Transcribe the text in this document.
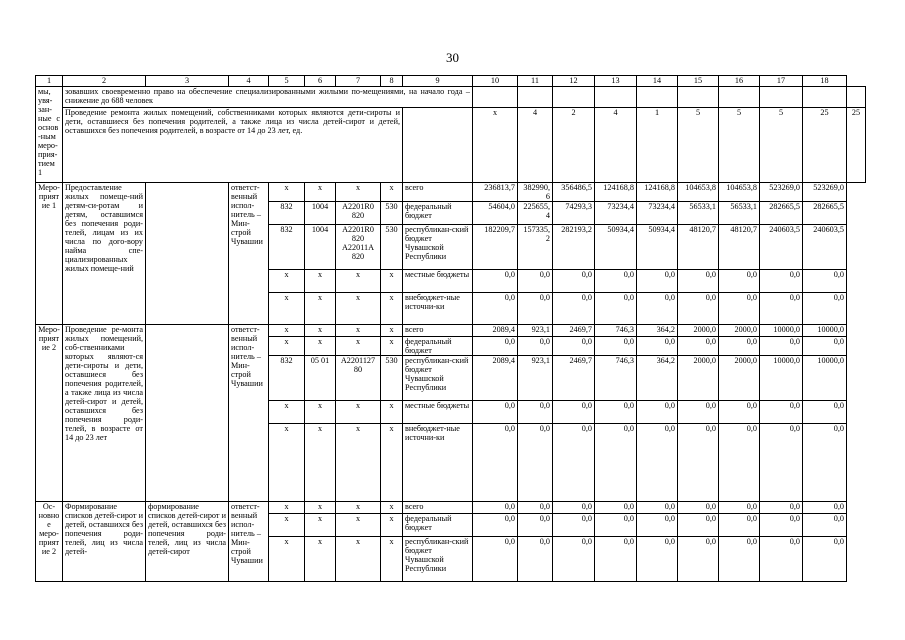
30
1	2	3	4	5	6	7	8	9	10	11	12	13	14	15	16	17	18	
мы, увя-зан-ные с основ-ным меро-прия-тием 1	зовавших своевременно право на обеспечение специализированными жилыми по-мещениями, на начало года – снижение до 688 человек																	
	Проведение ремонта жилых помещений, собственниками которых являются дети-сироты и дети, оставшиеся без попечения родителей, а также лица из числа детей-сирот и детей, оставшихся без попечения родителей, в возрасте от 14 до 23 лет, ед.								x	4	2	4	1	5	5	5	25	25
Меро-приятие 1	Предоставление жилых помеще-ний детям-си-ротам и детям, оставшимся без попечения роди-телей, лицам из их числа по дого-вору найма спе-циализированных жилых помеще-ний		ответст-венный испол-нитель – Мин-строй Чувашии	x	x	x	x	всего	236813,7	382990,6	356486,5	124168,8	124168,8	104653,8	104653,8	523269,0	523269,0	
				832	1004	А2201R0 820	530	федеральный бюджет	54604,0	225655,4	74293,3	73234,4	73234,4	56533,1	56533,1	282665,5	282665,5	
				832	1004	А2201R0 820 А22011А 820	530	республикан-ский бюджет Чувашской Республики	182209,7	157335,2	282193,2	50934,4	50934,4	48120,7	48120,7	240603,5	240603,5	
				x	x	x	x	местные бюджеты	0,0	0,0	0,0	0,0	0,0	0,0	0,0	0,0	0,0	
				x	x	x	x	внебюджет-ные источни-ки	0,0	0,0	0,0	0,0	0,0	0,0	0,0	0,0	0,0	
Меро-приятие 2	Проведение ре-монта жилых помещений, соб-ственниками которых являют-ся дети-сироты и дети, оставшиеся без попечения родителей, а также лица из числа детей-сирот и детей, оставшихся без попечения роди-телей, в возрасте от 14 до 23 лет		ответст-венный испол-нитель – Мин-строй Чувашии	x	x	x	x	всего	2089,4	923,1	2469,7	746,3	364,2	2000,0	2000,0	10000,0	10000,0	
				x	x	x	x	федеральный бюджет	0,0	0,0	0,0	0,0	0,0	0,0	0,0	0,0	0,0	
				832	05 01	А2201127 80	530	республикан-ский бюджет Чувашской Республики	2089,4	923,1	2469,7	746,3	364,2	2000,0	2000,0	10000,0	10000,0	
				x	x	x	x	местные бюджеты	0,0	0,0	0,0	0,0	0,0	0,0	0,0	0,0	0,0	
				x	x	x	x	внебюджет-ные источни-ки	0,0	0,0	0,0	0,0	0,0	0,0	0,0	0,0	0,0	
Ос-новное меро-приятие 2	Формирование списков детей-сирот и детей, оставшихся без попечения роди-телей, лиц из числа детей-	формирование списков детей-сирот и детей, оставшихся без попечения роди-телей, лиц из числа детей-сирот	ответст-венный испол-нитель – Мин-строй Чувашии	x	x	x	x	всего	0,0	0,0	0,0	0,0	0,0	0,0	0,0	0,0	0,0	
				x	x	x	x	федеральный бюджет	0,0	0,0	0,0	0,0	0,0	0,0	0,0	0,0	0,0	
				x	x	x	x	республикан-ский бюджет Чувашской Республики	0,0	0,0	0,0	0,0	0,0	0,0	0,0	0,0	0,0	
